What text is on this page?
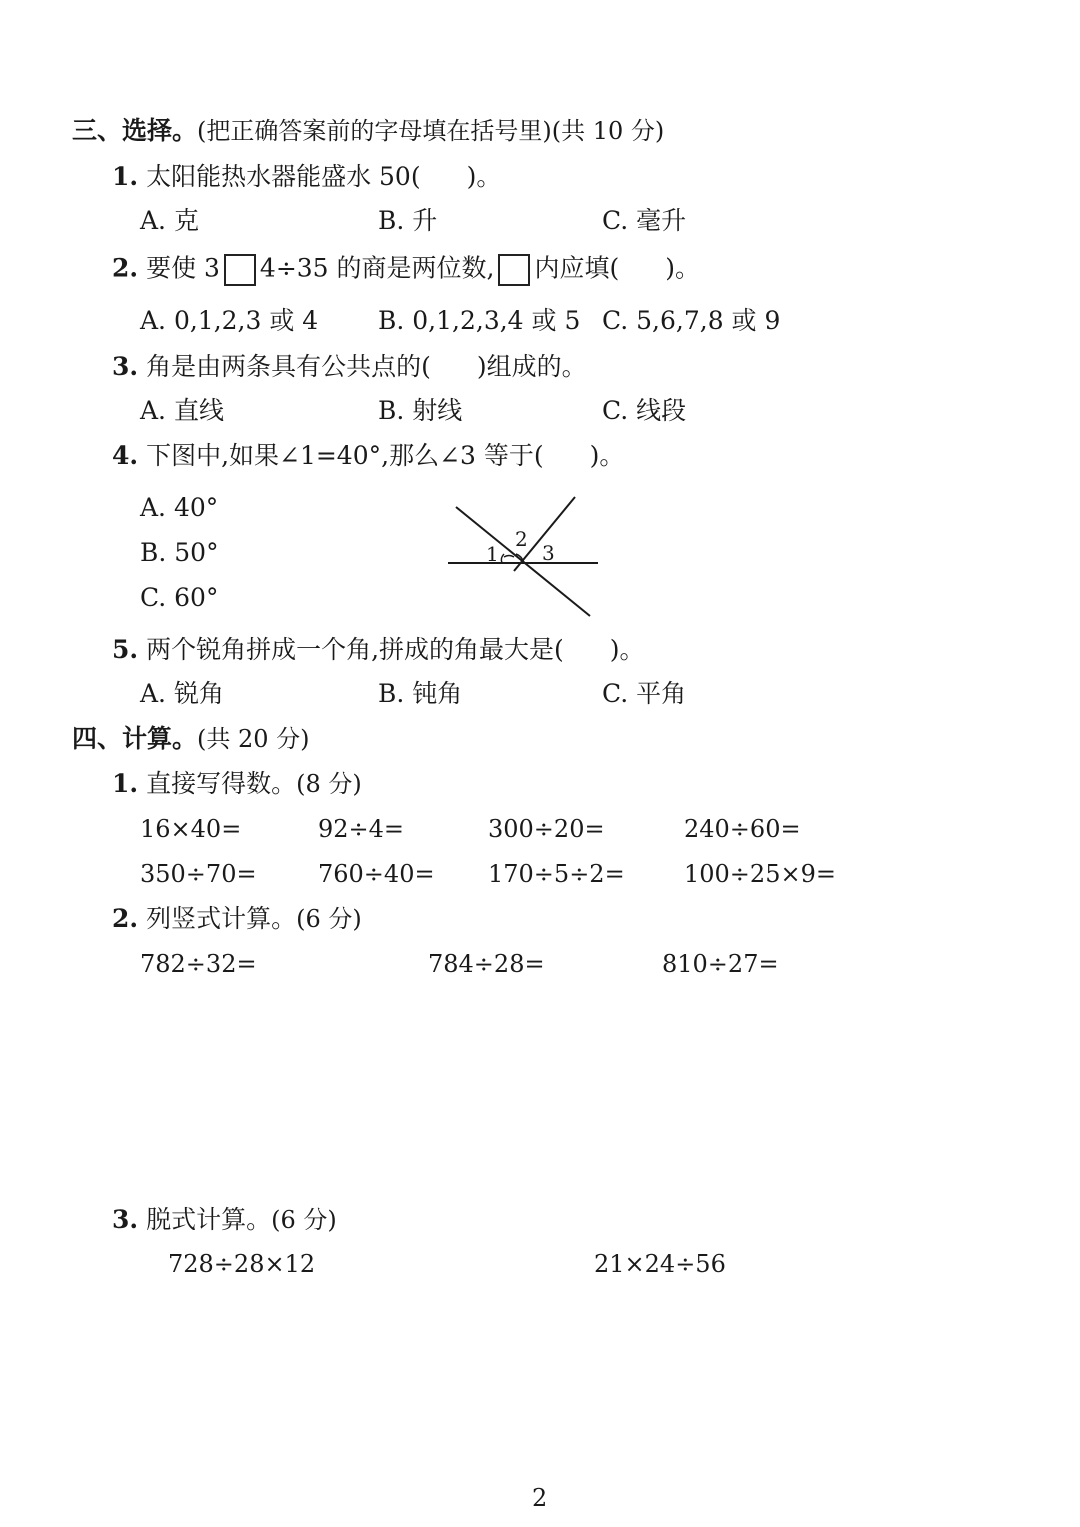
三、选择。(把正确答案前的字母填在括号里)(共 10 分)
1. 太阳能热水器能盛水 50( )。
A. 克	B. 升	C. 毫升
2. 要使 3 4÷35 的商是两位数, 内应填( )。
A. 0,1,2,3 或 4 B. 0,1,2,3,4 或 5 C. 5,6,7,8 或 9
3. 角是由两条具有公共点的( )组成的。
A. 直线	B. 射线	C. 线段
4. 下图中,如果∠1=40°,那么∠3 等于( )。
A. 40°
B. 50°
C. 60°
1
2
3
5. 两个锐角拼成一个角,拼成的角最大是( )。
A. 锐角	B. 钝角	C. 平角
四、计算。(共 20 分)
1. 直接写得数。(8 分)
16×40=	92÷4=	300÷20=	240÷60=
350÷70=	760÷40= 170÷5÷2= 100÷25×9=
2. 列竖式计算。(6 分)
782÷32=	784÷28=	810÷27=
3. 脱式计算。(6 分)
728÷28×12	21×24÷56
2
